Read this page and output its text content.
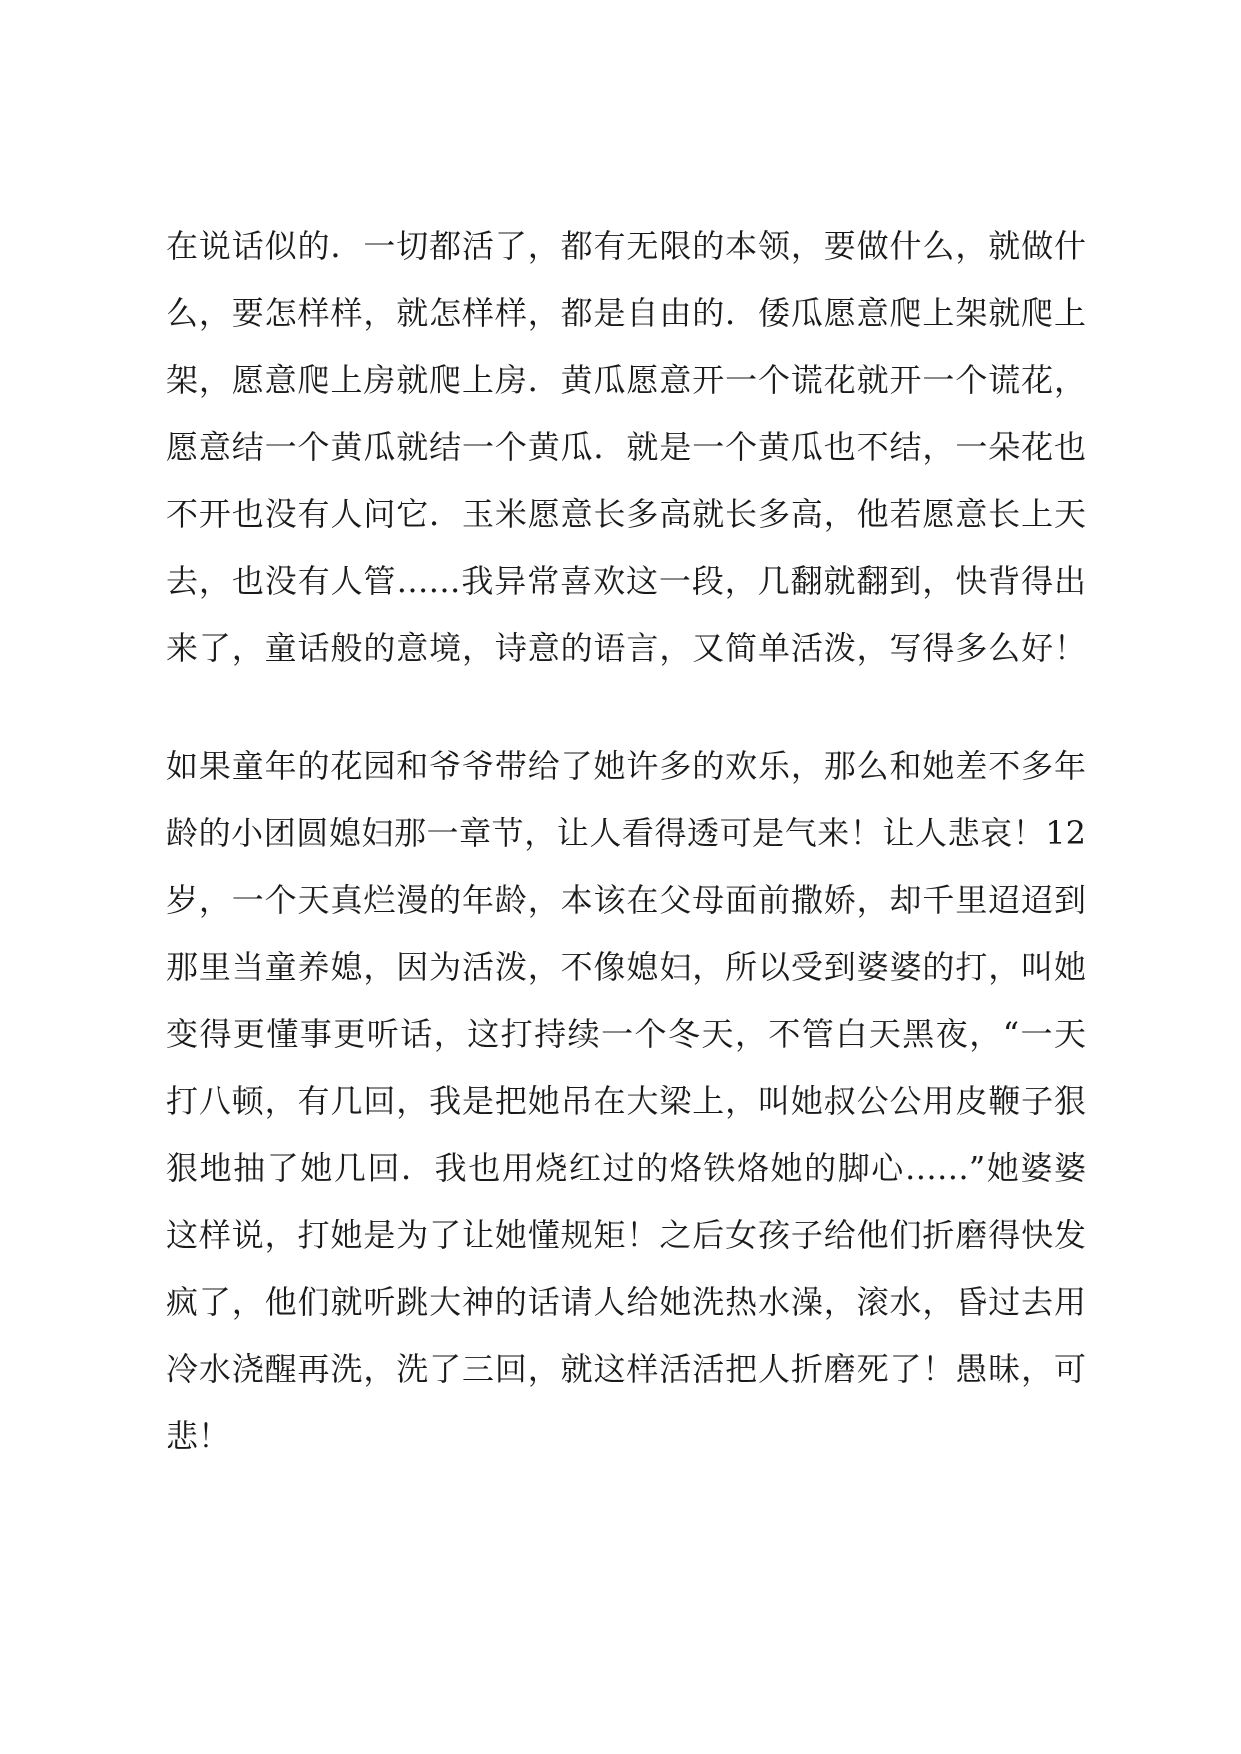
在说话似的．一切都活了，都有无限的本领，要做什么，就做什
么，要怎样样，就怎样样，都是自由的．倭瓜愿意爬上架就爬上
架，愿意爬上房就爬上房．黄瓜愿意开一个谎花就开一个谎花，
愿意结一个黄瓜就结一个黄瓜．就是一个黄瓜也不结，一朵花也
不开也没有人问它．玉米愿意长多高就长多高，他若愿意长上天
去，也没有人管……我异常喜欢这一段，几翻就翻到，快背得出
来了，童话般的意境，诗意的语言，又简单活泼，写得多么好！
如果童年的花园和爷爷带给了她许多的欢乐，那么和她差不多年
龄的小团圆媳妇那一章节，让人看得透可是气来！让人悲哀！12
岁，一个天真烂漫的年龄，本该在父母面前撒娇，却千里迢迢到
那里当童养媳，因为活泼，不像媳妇，所以受到婆婆的打，叫她
变得更懂事更听话，这打持续一个冬天，不管白天黑夜，“一天
打八顿，有几回，我是把她吊在大梁上，叫她叔公公用皮鞭子狠
狠地抽了她几回．我也用烧红过的烙铁烙她的脚心……”她婆婆
这样说，打她是为了让她懂规矩！之后女孩子给他们折磨得快发
疯了，他们就听跳大神的话请人给她洗热水澡，滚水，昏过去用
冷水浇醒再洗，洗了三回，就这样活活把人折磨死了！愚昧，可
悲！
